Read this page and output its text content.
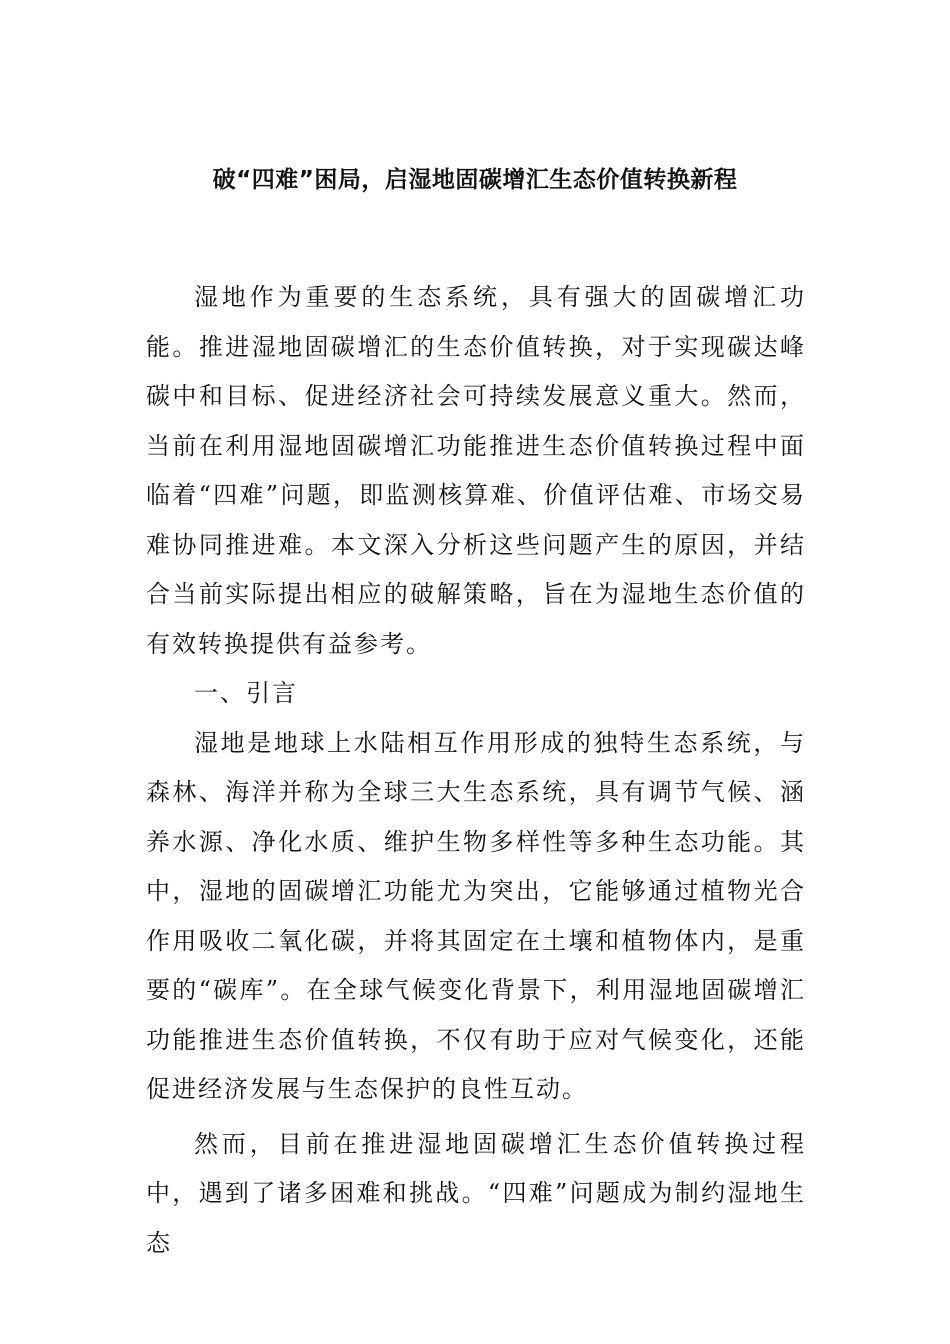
破“四难”困局，启湿地固碳增汇生态价值转换新程

湿地作为重要的生态系统，具有强大的固碳增汇功能。推进湿地固碳增汇的生态价值转换，对于实现碳达峰碳中和目标、促进经济社会可持续发展意义重大。然而，当前在利用湿地固碳增汇功能推进生态价值转换过程中面临着“四难”问题，即监测核算难、价值评估难、市场交易难协同推进难。本文深入分析这些问题产生的原因，并结合当前实际提出相应的破解策略，旨在为湿地生态价值的有效转换提供有益参考。

一、引言

湿地是地球上水陆相互作用形成的独特生态系统，与森林、海洋并称为全球三大生态系统，具有调节气候、涵养水源、净化水质、维护生物多样性等多种生态功能。其中，湿地的固碳增汇功能尤为突出，它能够通过植物光合作用吸收二氧化碳，并将其固定在土壤和植物体内，是重要的“碳库”。在全球气候变化背景下，利用湿地固碳增汇功能推进生态价值转换，不仅有助于应对气候变化，还能促进经济发展与生态保护的良性互动。

然而，目前在推进湿地固碳增汇生态价值转换过程中，遇到了诸多困难和挑战。“四难”问题成为制约湿地生态
